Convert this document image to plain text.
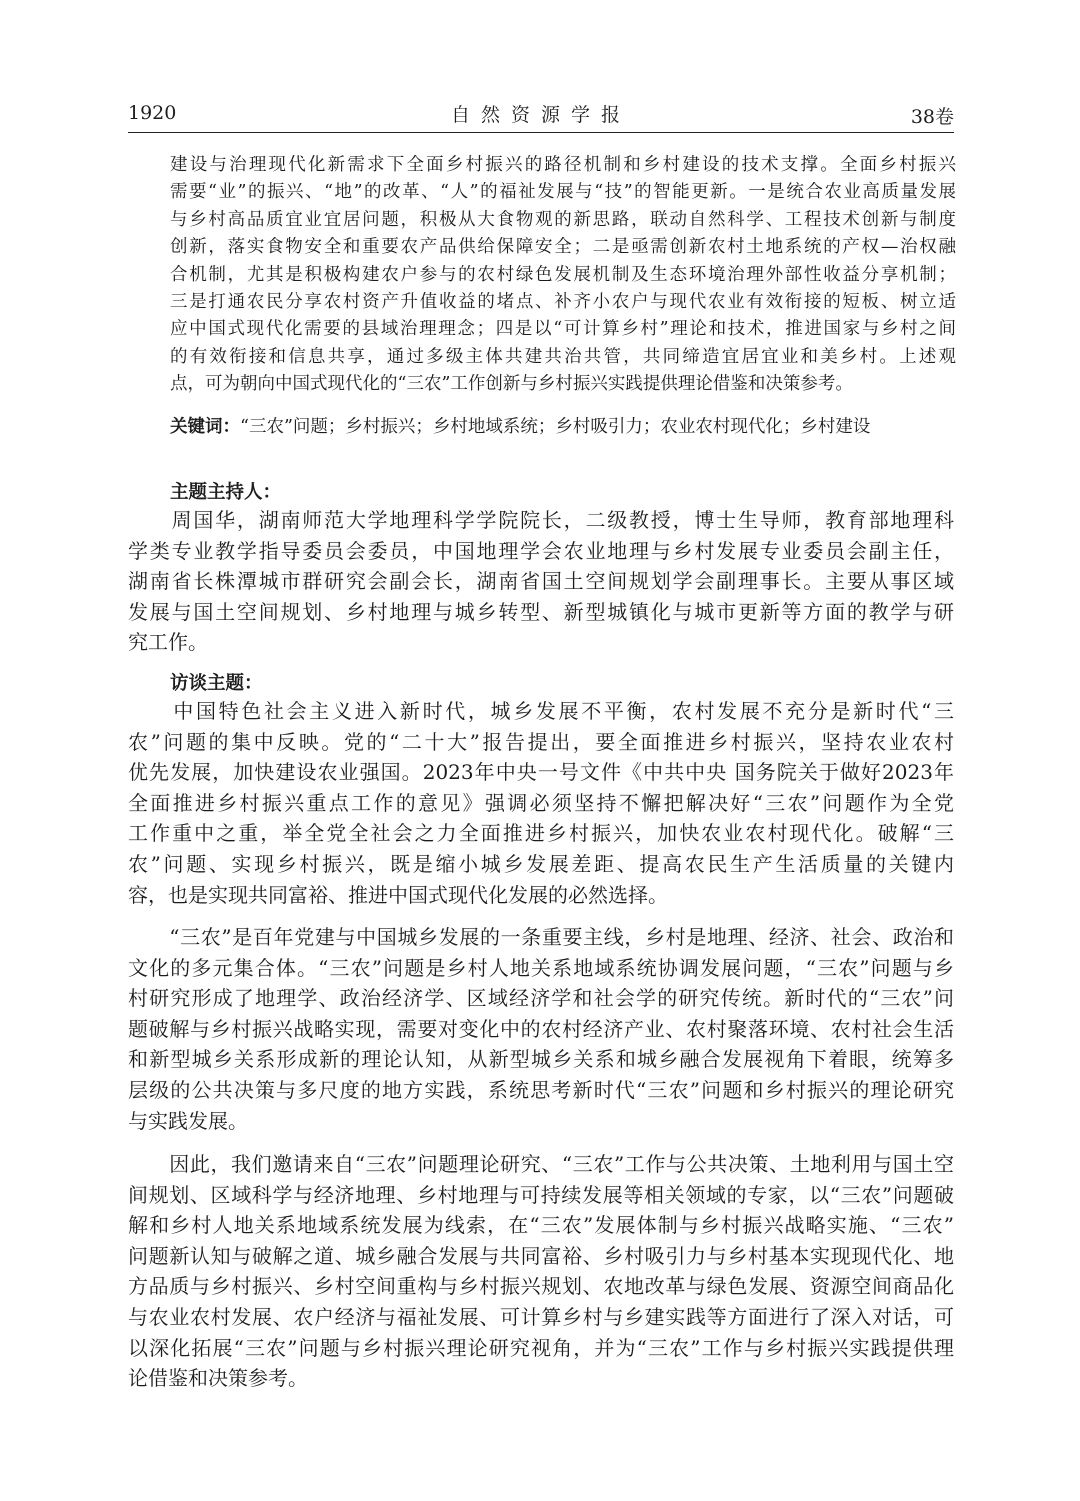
1920	自然资源学报	38卷

建设与治理现代化新需求下全面乡村振兴的路径机制和乡村建设的技术支撑。全面乡村振兴

需要“业”的振兴、“地”的改革、“人”的福祉发展与“技”的智能更新。一是统合农业高质量发展

与乡村高品质宜业宜居问题，积极从大食物观的新思路，联动自然科学、工程技术创新与制度

创新，落实食物安全和重要农产品供给保障安全；二是亟需创新农村土地系统的产权—治权融

合机制，尤其是积极构建农户参与的农村绿色发展机制及生态环境治理外部性收益分享机制；

三是打通农民分享农村资产升值收益的堵点、补齐小农户与现代农业有效衔接的短板、树立适

应中国式现代化需要的县域治理理念；四是以“可计算乡村”理论和技术，推进国家与乡村之间

的有效衔接和信息共享，通过多级主体共建共治共管，共同缔造宜居宜业和美乡村。上述观

点，可为朝向中国式现代化的“三农”工作创新与乡村振兴实践提供理论借鉴和决策参考。

关键词：“三农”问题；乡村振兴；乡村地域系统；乡村吸引力；农业农村现代化；乡村建设
主题主持人：

　　周国华，湖南师范大学地理科学学院院长，二级教授，博士生导师，教育部地理科

学类专业教学指导委员会委员，中国地理学会农业地理与乡村发展专业委员会副主任，

湖南省长株潭城市群研究会副会长，湖南省国土空间规划学会副理事长。主要从事区域

发展与国土空间规划、乡村地理与城乡转型、新型城镇化与城市更新等方面的教学与研

究工作。

访谈主题：

　　中国特色社会主义进入新时代，城乡发展不平衡，农村发展不充分是新时代“三

农”问题的集中反映。党的“二十大”报告提出，要全面推进乡村振兴，坚持农业农村

优先发展，加快建设农业强国。2023年中央一号文件《中共中央 国务院关于做好2023年

全面推进乡村振兴重点工作的意见》强调必须坚持不懈把解决好“三农”问题作为全党

工作重中之重，举全党全社会之力全面推进乡村振兴，加快农业农村现代化。破解“三

农”问题、实现乡村振兴，既是缩小城乡发展差距、提高农民生产生活质量的关键内

容，也是实现共同富裕、推进中国式现代化发展的必然选择。

　　“三农”是百年党建与中国城乡发展的一条重要主线，乡村是地理、经济、社会、政治和

文化的多元集合体。“三农”问题是乡村人地关系地域系统协调发展问题，“三农”问题与乡

村研究形成了地理学、政治经济学、区域经济学和社会学的研究传统。新时代的“三农”问

题破解与乡村振兴战略实现，需要对变化中的农村经济产业、农村聚落环境、农村社会生活

和新型城乡关系形成新的理论认知，从新型城乡关系和城乡融合发展视角下着眼，统筹多

层级的公共决策与多尺度的地方实践，系统思考新时代“三农”问题和乡村振兴的理论研究

与实践发展。

　　因此，我们邀请来自“三农”问题理论研究、“三农”工作与公共决策、土地利用与国土空

间规划、区域科学与经济地理、乡村地理与可持续发展等相关领域的专家，以“三农”问题破

解和乡村人地关系地域系统发展为线索，在“三农”发展体制与乡村振兴战略实施、“三农”

问题新认知与破解之道、城乡融合发展与共同富裕、乡村吸引力与乡村基本实现现代化、地

方品质与乡村振兴、乡村空间重构与乡村振兴规划、农地改革与绿色发展、资源空间商品化

与农业农村发展、农户经济与福祉发展、可计算乡村与乡建实践等方面进行了深入对话，可

以深化拓展“三农”问题与乡村振兴理论研究视角，并为“三农”工作与乡村振兴实践提供理

论借鉴和决策参考。
